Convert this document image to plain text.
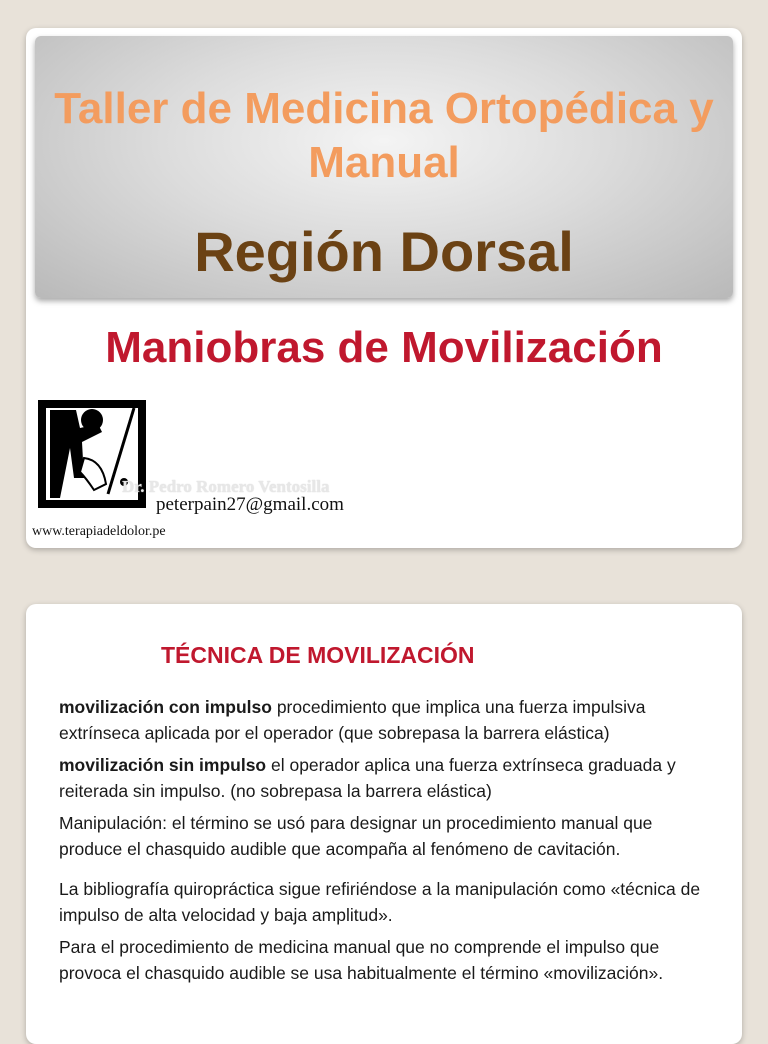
Taller de Medicina Ortopédica y Manual
Región Dorsal
Maniobras de Movilización
Dr. Pedro Romero Ventosilla
peterpain27@gmail.com
www.terapiadeldolor.pe
TÉCNICA DE MOVILIZACIÓN

movilización con impulso procedimiento que implica una fuerza impulsiva extrínseca aplicada por el operador (que sobrepasa la barrera elástica)

movilización sin impulso el operador aplica una fuerza extrínseca graduada y reiterada sin impulso. (no sobrepasa la barrera elástica)

Manipulación: el término se usó para designar un procedimiento manual que produce el chasquido audible que acompaña al fenómeno de cavitación.

La bibliografía quiropráctica sigue refiriéndose a la manipulación como «técnica de impulso de alta velocidad y baja amplitud».

Para el procedimiento de medicina manual que no comprende el impulso que provoca el chasquido audible se usa habitualmente el término «movilización».
